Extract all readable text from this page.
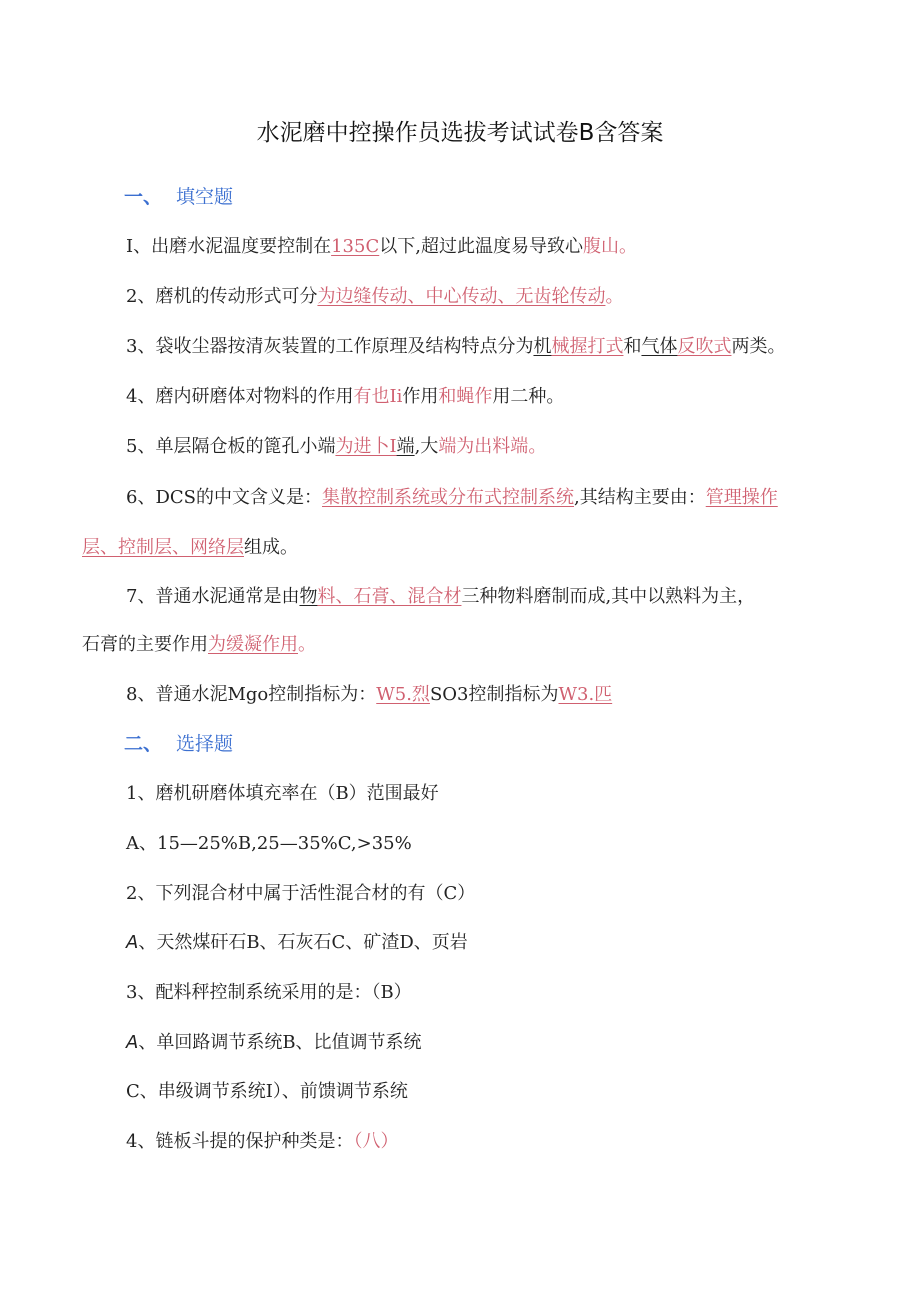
水泥磨中控操作员选拔考试试卷B含答案
一、 填空题
I、出磨水泥温度要控制在135C以下,超过此温度易导致心腹山。
2、磨机的传动形式可分为边缝传动、中心传动、无齿轮传动。
3、袋收尘器按清灰装置的工作原理及结构特点分为机械握打式和气体反吹式两类。
4、磨内研磨体对物料的作用有也Ii作用和蝇作用二种。
5、单层隔仓板的篦孔小端为进卜I端,大端为出料端。
6、DCS的中文含义是：集散控制系统或分布式控制系统,其结构主要由：管理操作
层、控制层、网络层组成。
7、普通水泥通常是由物料、石膏、混合材三种物料磨制而成,其中以熟料为主，
石膏的主要作用为缓凝作用。
8、普通水泥Mgo控制指标为：W5.烈SO3控制指标为W3.匹
二、 选择题
1、磨机研磨体填充率在（B）范围最好
A、15—25%B,25—35%C,>35%
2、下列混合材中属于活性混合材的有（C）
A、天然煤矸石B、石灰石C、矿渣D、页岩
3、配料秤控制系统采用的是：（B）
A、单回路调节系统B、比值调节系统
C、串级调节系统I）、前馈调节系统
4、链板斗提的保护种类是：（八）
